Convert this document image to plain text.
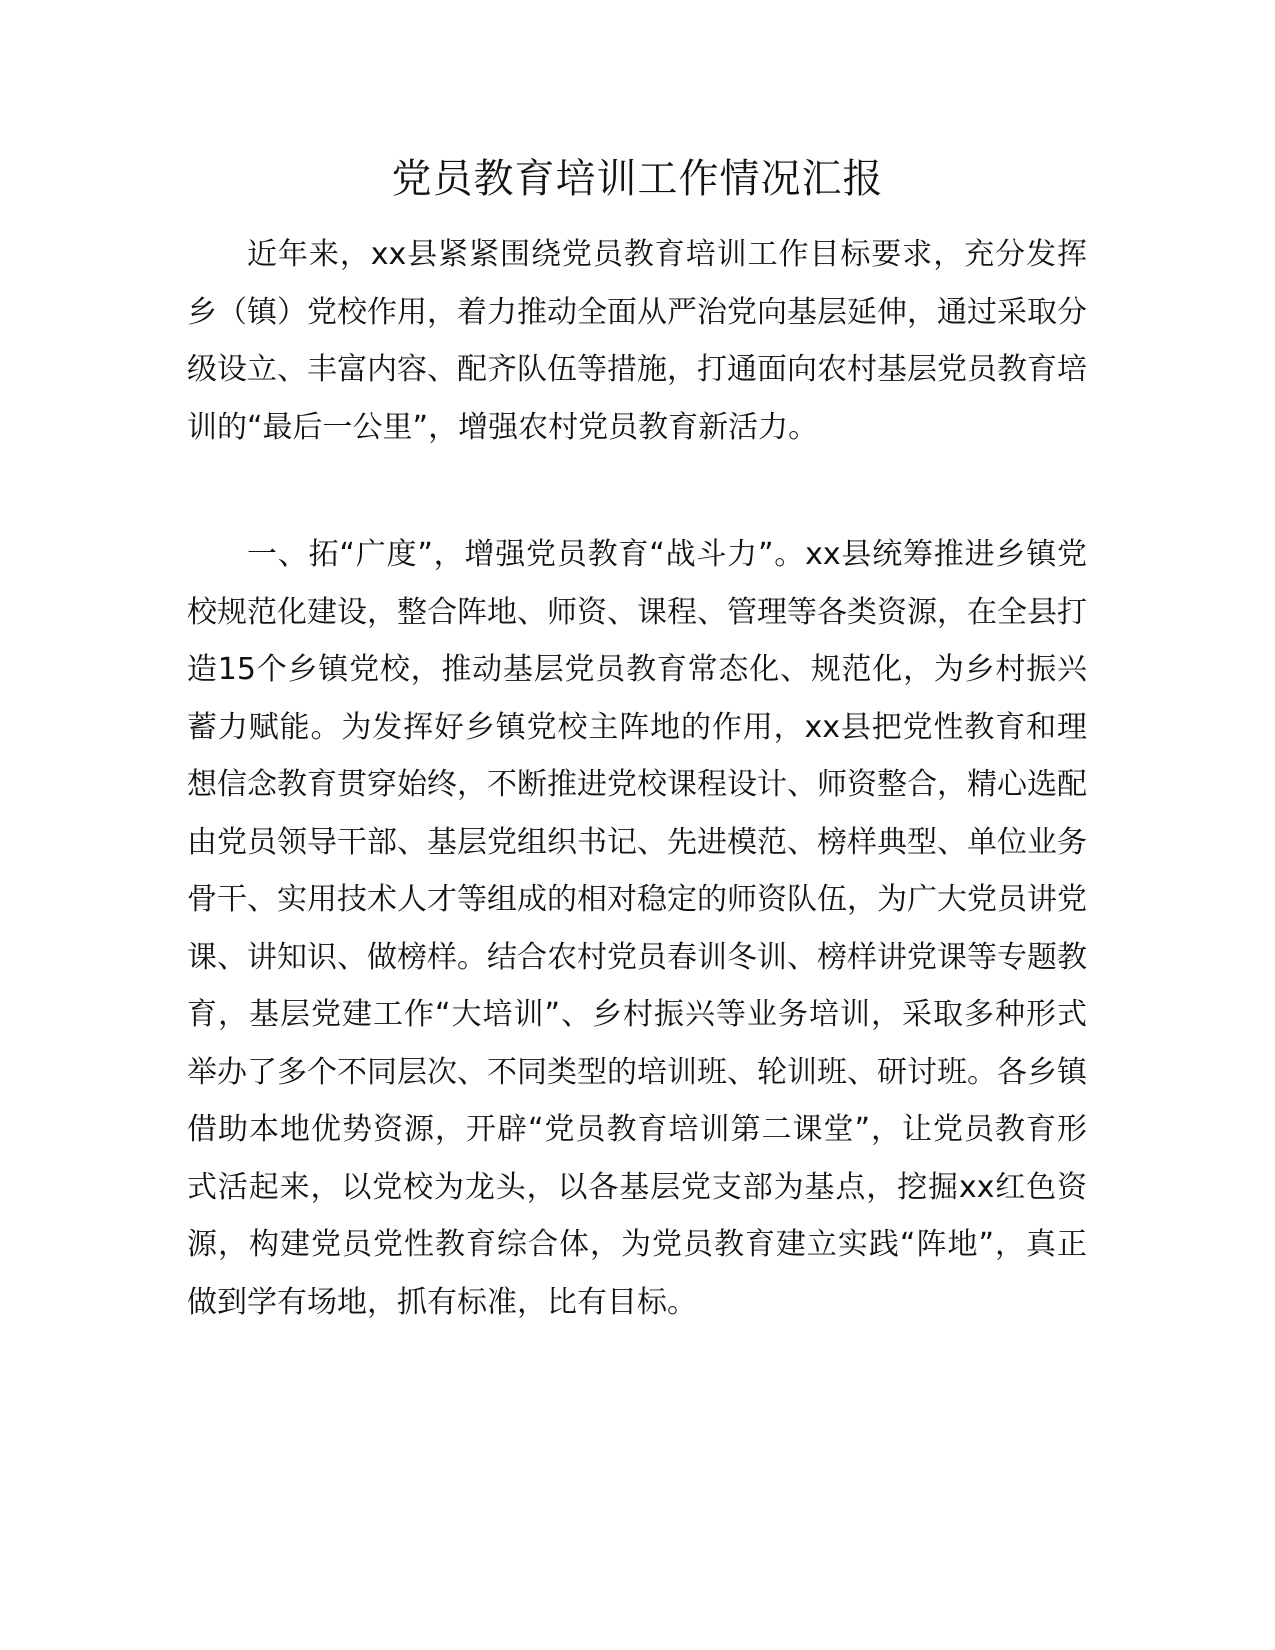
党员教育培训工作情况汇报

近年来，xx县紧紧围绕党员教育培训工作目标要求，充分发挥乡（镇）党校作用，着力推动全面从严治党向基层延伸，通过采取分级设立、丰富内容、配齐队伍等措施，打通面向农村基层党员教育培训的“最后一公里”，增强农村党员教育新活力。

一、拓“广度”，增强党员教育“战斗力”。xx县统筹推进乡镇党校规范化建设，整合阵地、师资、课程、管理等各类资源，在全县打造15个乡镇党校，推动基层党员教育常态化、规范化，为乡村振兴蓄力赋能。为发挥好乡镇党校主阵地的作用，xx县把党性教育和理想信念教育贯穿始终，不断推进党校课程设计、师资整合，精心选配由党员领导干部、基层党组织书记、先进模范、榜样典型、单位业务骨干、实用技术人才等组成的相对稳定的师资队伍，为广大党员讲党课、讲知识、做榜样。结合农村党员春训冬训、榜样讲党课等专题教育，基层党建工作“大培训”、乡村振兴等业务培训，采取多种形式举办了多个不同层次、不同类型的培训班、轮训班、研讨班。各乡镇借助本地优势资源，开辟“党员教育培训第二课堂”，让党员教育形式活起来，以党校为龙头，以各基层党支部为基点，挖掘xx红色资源，构建党员党性教育综合体，为党员教育建立实践“阵地”，真正做到学有场地，抓有标准，比有目标。
